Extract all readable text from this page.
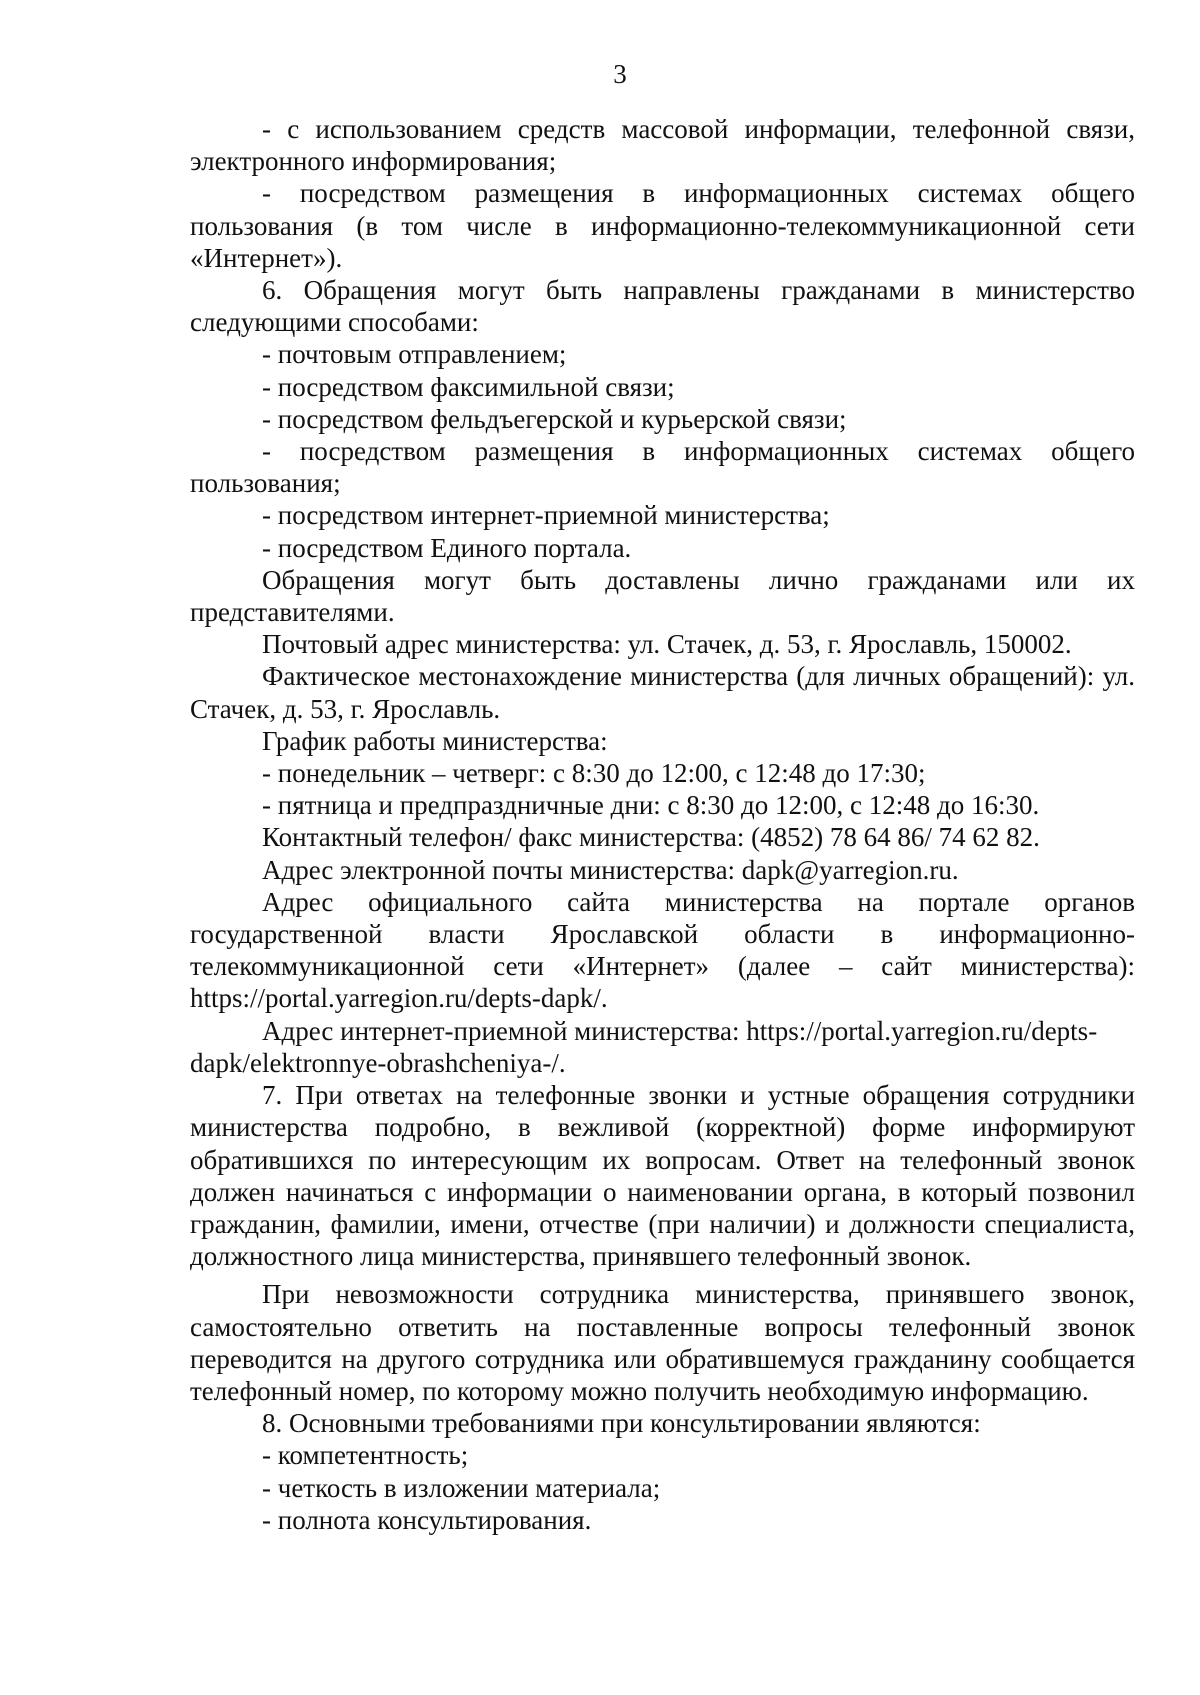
3

- с использованием средств массовой информации, телефонной связи, электронного информирования;

- посредством размещения в информационных системах общего пользования (в том числе в информационно-телекоммуникационной сети «Интернет»).

6. Обращения могут быть направлены гражданами в министерство следующими способами:

- почтовым отправлением;

- посредством факсимильной связи;

- посредством фельдъегерской и курьерской связи;

- посредством размещения в информационных системах общего пользования;

- посредством интернет-приемной министерства;

- посредством Единого портала.

Обращения могут быть доставлены лично гражданами или их представителями.

Почтовый адрес министерства: ул. Стачек, д. 53, г. Ярославль, 150002.

Фактическое местонахождение министерства (для личных обращений): ул. Стачек, д. 53, г. Ярославль.

График работы министерства:

- понедельник – четверг: с 8:30 до 12:00, с 12:48 до 17:30;

- пятница и предпраздничные дни: с 8:30 до 12:00, с 12:48 до 16:30.

Контактный телефон/ факс министерства: (4852) 78 64 86/ 74 62 82.

Адрес электронной почты министерства: dapk@yarregion.ru.

Адрес официального сайта министерства на портале органов государственной власти Ярославской области в информационно-телекоммуникационной сети «Интернет» (далее – сайт министерства): https://portal.yarregion.ru/depts-dapk/.

Адрес интернет-приемной министерства: https://portal.yarregion.ru/depts-dapk/elektronnye-obrashcheniya-/.

7. При ответах на телефонные звонки и устные обращения сотрудники министерства подробно, в вежливой (корректной) форме информируют обратившихся по интересующим их вопросам. Ответ на телефонный звонок должен начинаться с информации о наименовании органа, в который позвонил гражданин, фамилии, имени, отчестве (при наличии) и должности специалиста, должностного лица министерства, принявшего телефонный звонок.

При невозможности сотрудника министерства, принявшего звонок, самостоятельно ответить на поставленные вопросы телефонный звонок переводится на другого сотрудника или обратившемуся гражданину сообщается телефонный номер, по которому можно получить необходимую информацию.

8. Основными требованиями при консультировании являются:

- компетентность;

- четкость в изложении материала;

- полнота консультирования.
